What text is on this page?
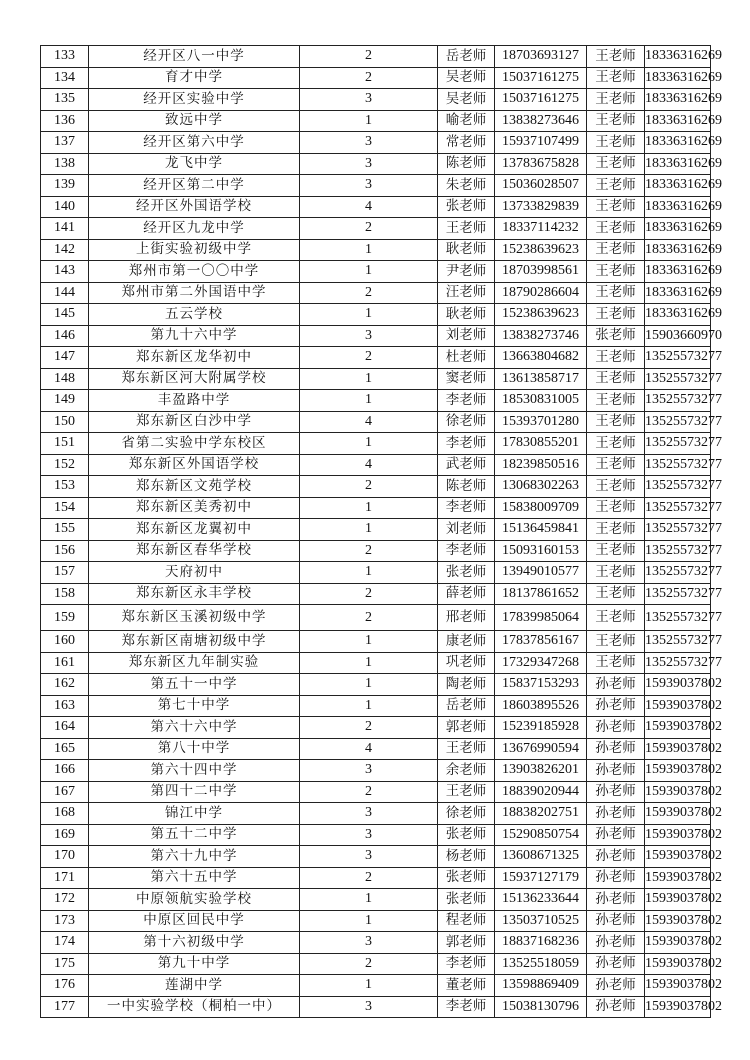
133	经开区八一中学	2	岳老师	18703693127	王老师	18336316269
134	育才中学	2	吴老师	15037161275	王老师	18336316269
135	经开区实验中学	3	吴老师	15037161275	王老师	18336316269
136	致远中学	1	喻老师	13838273646	王老师	18336316269
137	经开区第六中学	3	常老师	15937107499	王老师	18336316269
138	龙飞中学	3	陈老师	13783675828	王老师	18336316269
139	经开区第二中学	3	朱老师	15036028507	王老师	18336316269
140	经开区外国语学校	4	张老师	13733829839	王老师	18336316269
141	经开区九龙中学	2	王老师	18337114232	王老师	18336316269
142	上街实验初级中学	1	耿老师	15238639623	王老师	18336316269
143	郑州市第一〇〇中学	1	尹老师	18703998561	王老师	18336316269
144	郑州市第二外国语中学	2	汪老师	18790286604	王老师	18336316269
145	五云学校	1	耿老师	15238639623	王老师	18336316269
146	第九十六中学	3	刘老师	13838273746	张老师	15903660970
147	郑东新区龙华初中	2	杜老师	13663804682	王老师	13525573277
148	郑东新区河大附属学校	1	窦老师	13613858717	王老师	13525573277
149	丰盈路中学	1	李老师	18530831005	王老师	13525573277
150	郑东新区白沙中学	4	徐老师	15393701280	王老师	13525573277
151	省第二实验中学东校区	1	李老师	17830855201	王老师	13525573277
152	郑东新区外国语学校	4	武老师	18239850516	王老师	13525573277
153	郑东新区文苑学校	2	陈老师	13068302263	王老师	13525573277
154	郑东新区美秀初中	1	李老师	15838009709	王老师	13525573277
155	郑东新区龙翼初中	1	刘老师	15136459841	王老师	13525573277
156	郑东新区春华学校	2	李老师	15093160153	王老师	13525573277
157	天府初中	1	张老师	13949010577	王老师	13525573277
158	郑东新区永丰学校	2	薛老师	18137861652	王老师	13525573277
159	郑东新区玉溪初级中学	2	邢老师	17839985064	王老师	13525573277
160	郑东新区南塘初级中学	1	康老师	17837856167	王老师	13525573277
161	郑东新区九年制实验	1	巩老师	17329347268	王老师	13525573277
162	第五十一中学	1	陶老师	15837153293	孙老师	15939037802
163	第七十中学	1	岳老师	18603895526	孙老师	15939037802
164	第六十六中学	2	郭老师	15239185928	孙老师	15939037802
165	第八十中学	4	王老师	13676990594	孙老师	15939037802
166	第六十四中学	3	余老师	13903826201	孙老师	15939037802
167	第四十二中学	2	王老师	18839020944	孙老师	15939037802
168	锦江中学	3	徐老师	18838202751	孙老师	15939037802
169	第五十二中学	3	张老师	15290850754	孙老师	15939037802
170	第六十九中学	3	杨老师	13608671325	孙老师	15939037802
171	第六十五中学	2	张老师	15937127179	孙老师	15939037802
172	中原领航实验学校	1	张老师	15136233644	孙老师	15939037802
173	中原区回民中学	1	程老师	13503710525	孙老师	15939037802
174	第十六初级中学	3	郭老师	18837168236	孙老师	15939037802
175	第九十中学	2	李老师	13525518059	孙老师	15939037802
176	莲湖中学	1	董老师	13598869409	孙老师	15939037802
177	一中实验学校（桐柏一中）	3	李老师	15038130796	孙老师	15939037802
